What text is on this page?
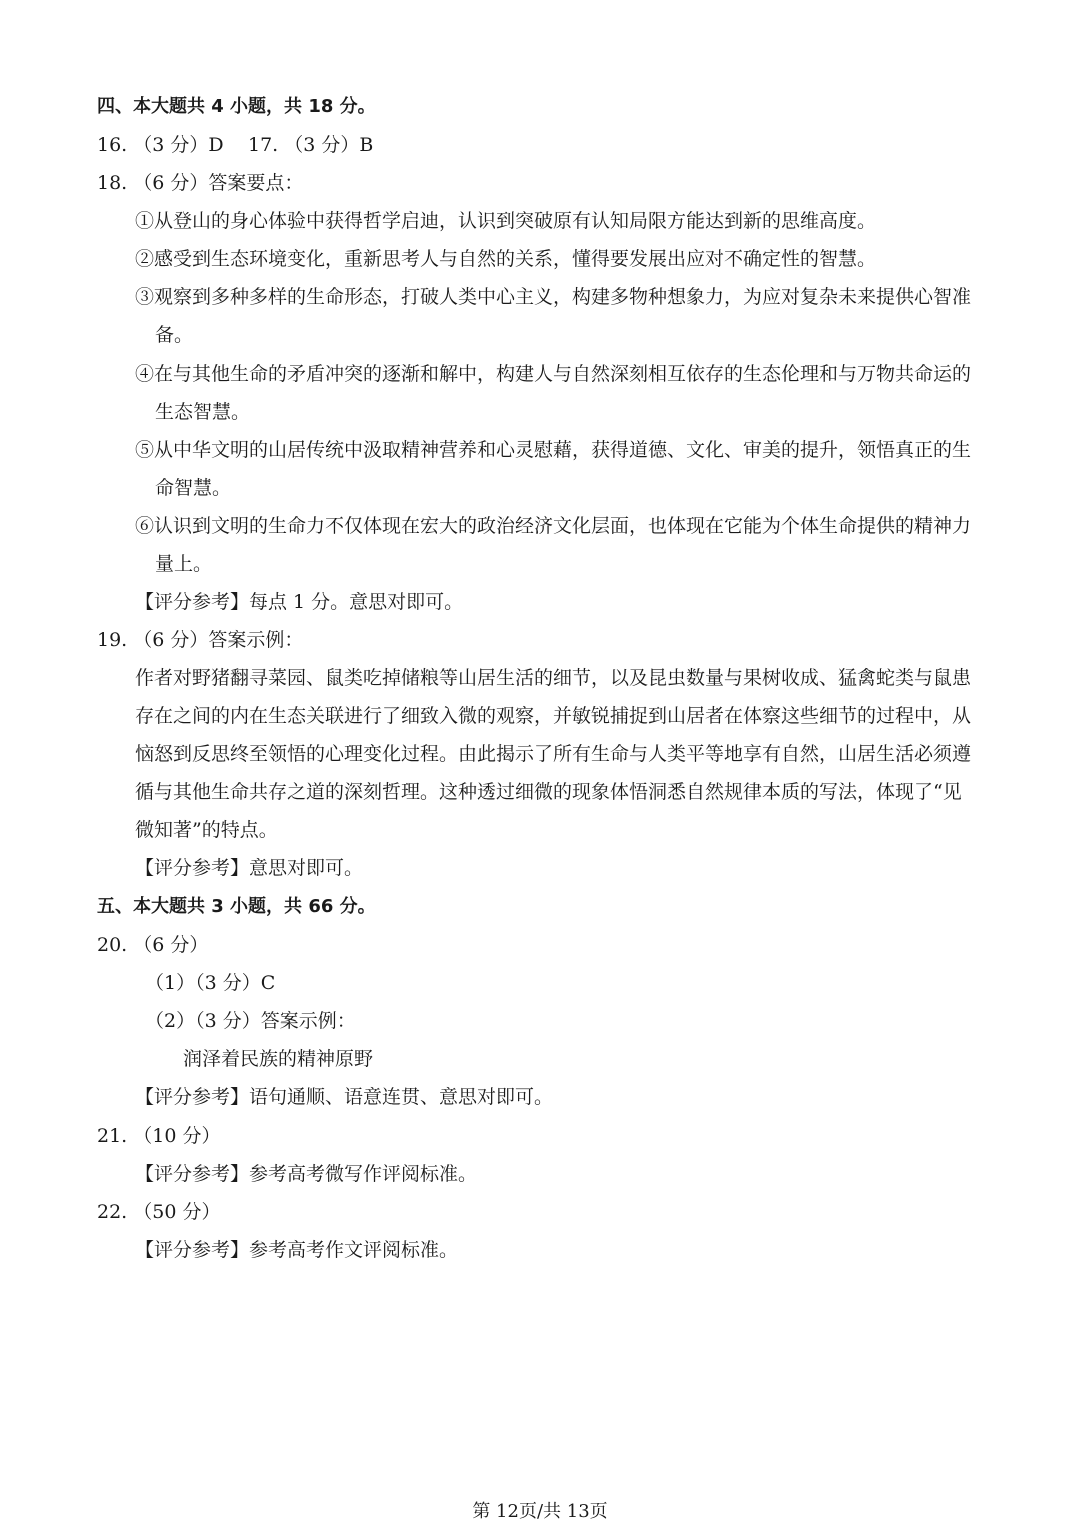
四、本大题共 4 小题，共 18 分。
16. （3 分）D 17. （3 分）B
18. （6 分）答案要点：
①从登山的身心体验中获得哲学启迪，认识到突破原有认知局限方能达到新的思维高度。
②感受到生态环境变化，重新思考人与自然的关系，懂得要发展出应对不确定性的智慧。
③观察到多种多样的生命形态，打破人类中心主义，构建多物种想象力，为应对复杂未来提供心智准
备。
④在与其他生命的矛盾冲突的逐渐和解中，构建人与自然深刻相互依存的生态伦理和与万物共命运的
生态智慧。
⑤从中华文明的山居传统中汲取精神营养和心灵慰藉，获得道德、文化、审美的提升，领悟真正的生
命智慧。
⑥认识到文明的生命力不仅体现在宏大的政治经济文化层面，也体现在它能为个体生命提供的精神力
量上。
【评分参考】每点 1 分。意思对即可。
19. （6 分）答案示例：
作者对野猪翻寻菜园、鼠类吃掉储粮等山居生活的细节，以及昆虫数量与果树收成、猛禽蛇类与鼠患
存在之间的内在生态关联进行了细致入微的观察，并敏锐捕捉到山居者在体察这些细节的过程中，从
恼怒到反思终至领悟的心理变化过程。由此揭示了所有生命与人类平等地享有自然，山居生活必须遵
循与其他生命共存之道的深刻哲理。这种透过细微的现象体悟洞悉自然规律本质的写法，体现了“见
微知著”的特点。
【评分参考】意思对即可。
五、本大题共 3 小题，共 66 分。
20. （6 分）
（1）（3 分）C
（2）（3 分）答案示例：
润泽着民族的精神原野
【评分参考】语句通顺、语意连贯、意思对即可。
21. （10 分）
【评分参考】参考高考微写作评阅标准。
22. （50 分）
【评分参考】参考高考作文评阅标准。
第 12页/共 13页
